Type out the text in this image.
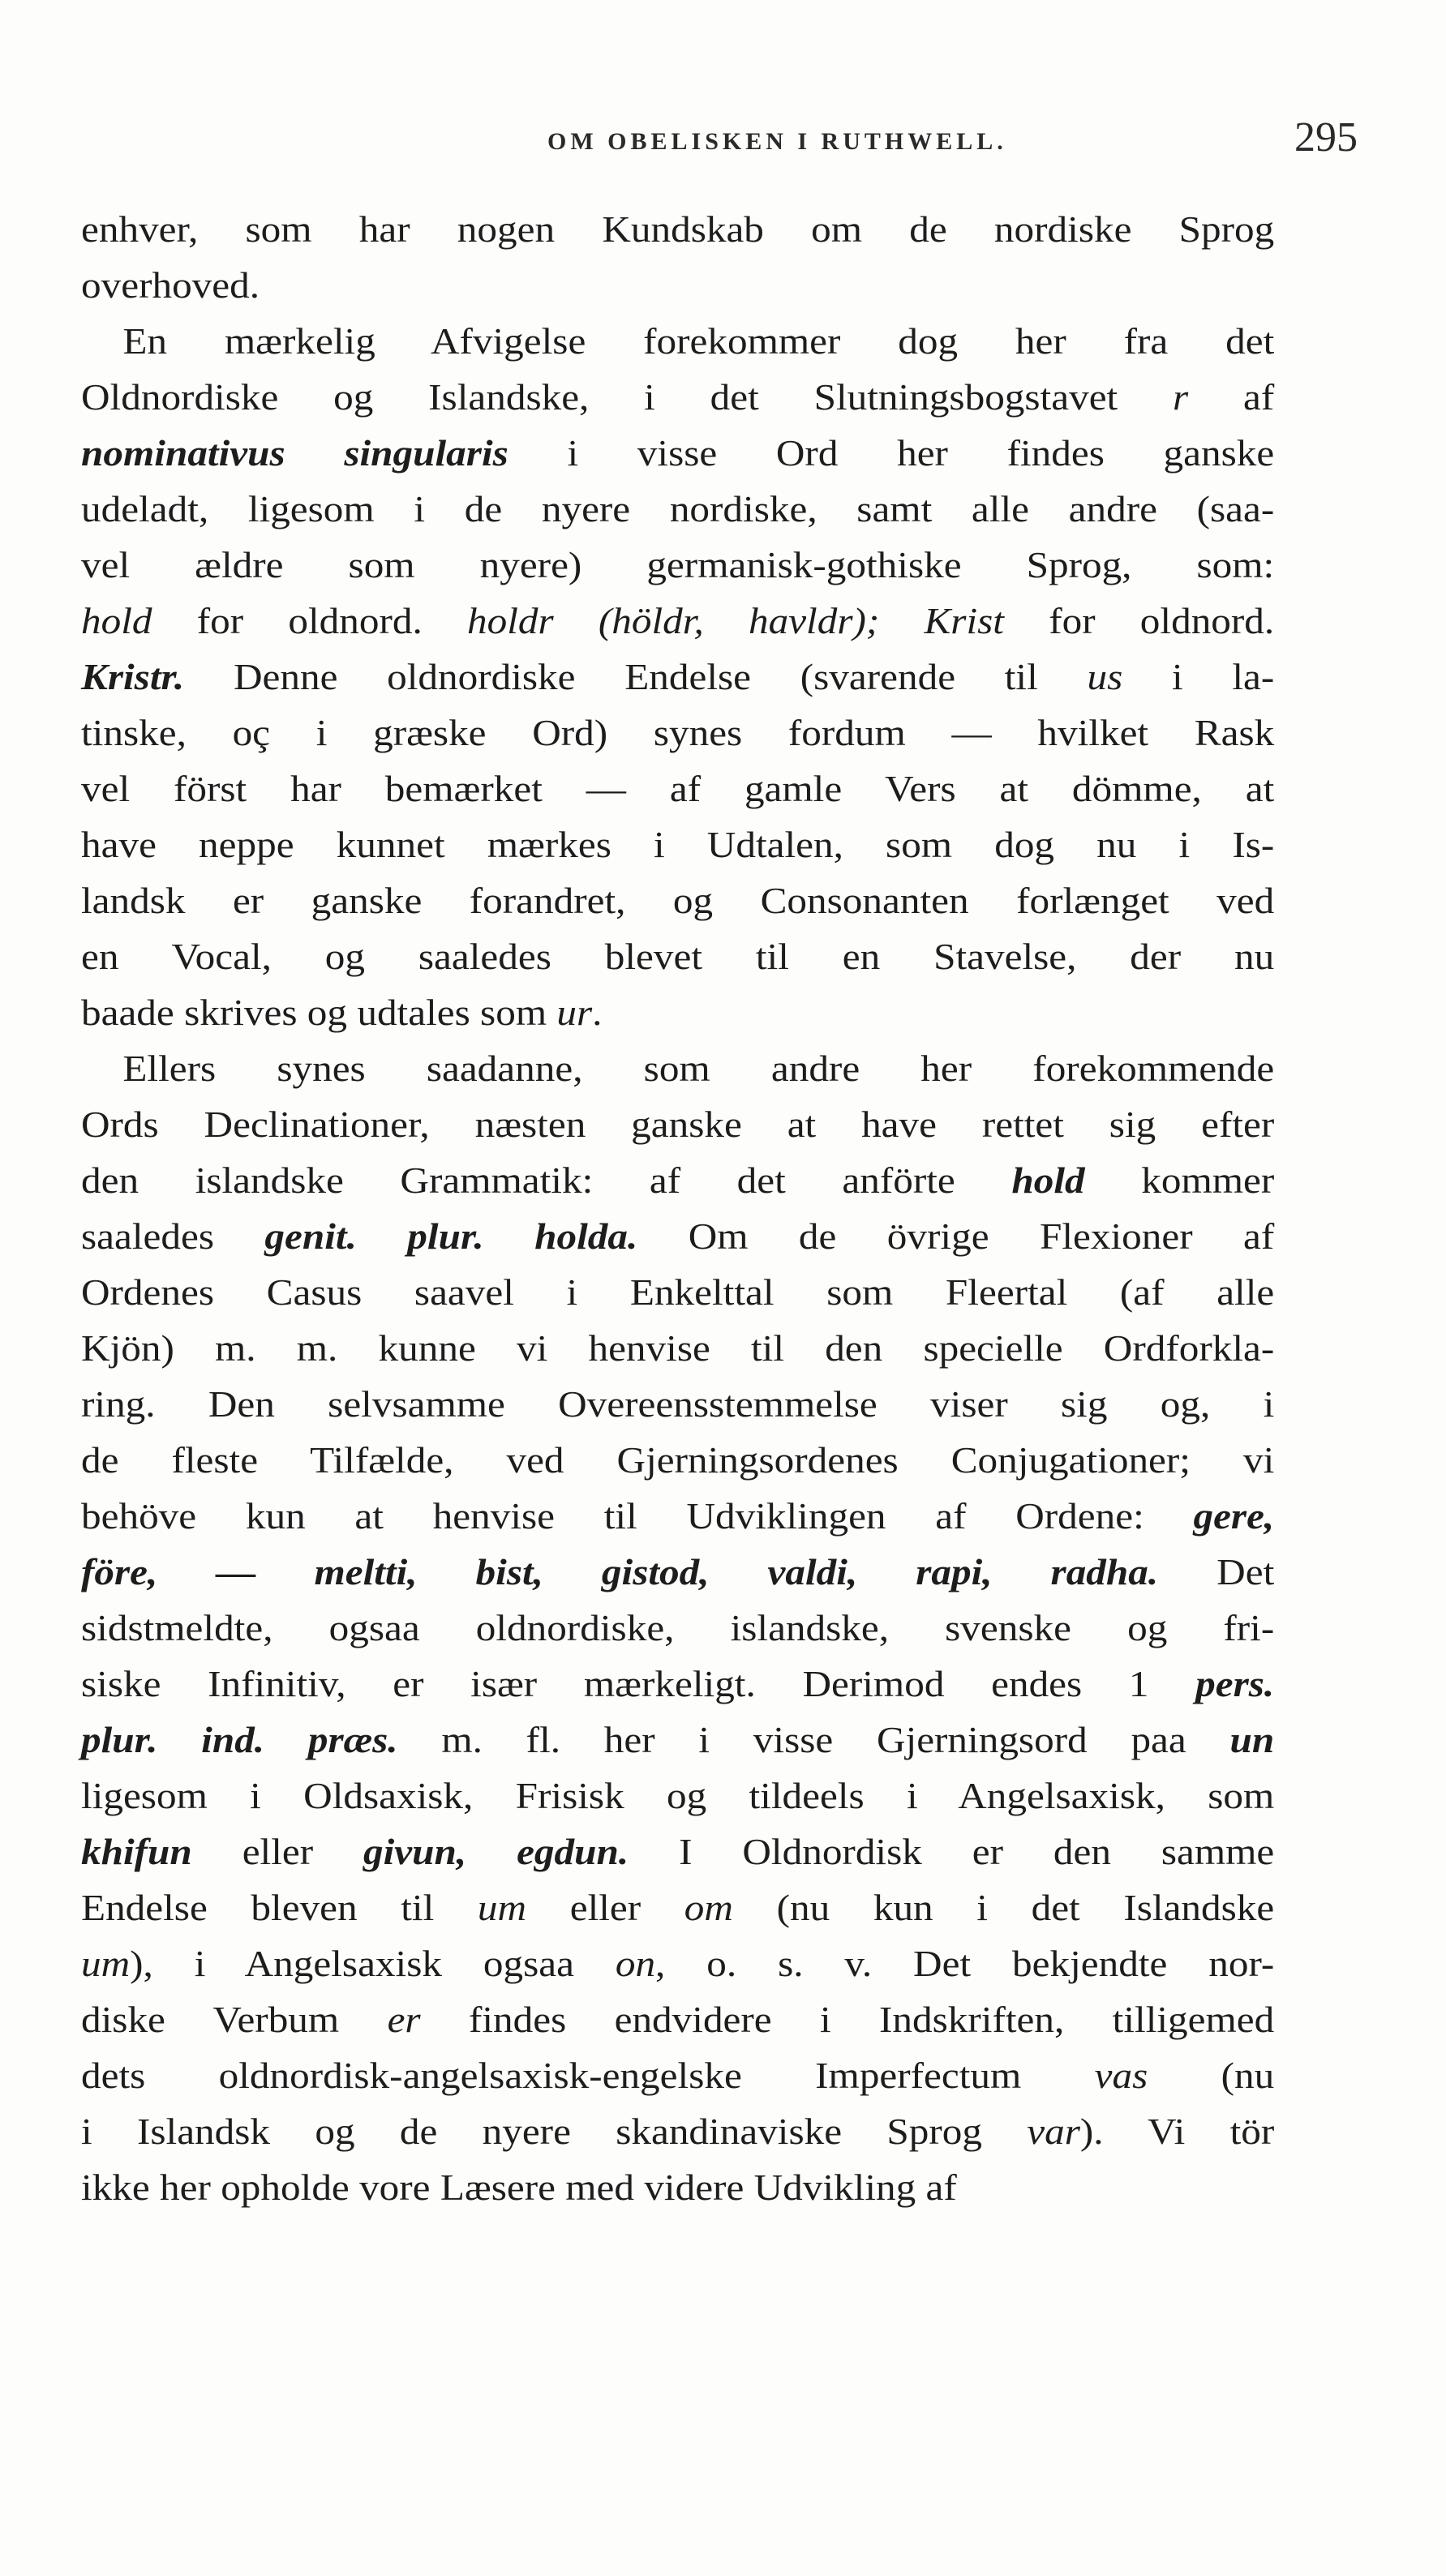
OM OBELISKEN I RUTHWELL.	295
enhver, som har nogen Kundskab om de nordiske Sprog
overhoved.
En mærkelig Afvigelse forekommer dog her fra det
Oldnordiske og Islandske, i det Slutningsbogstavet r af
nominativus singularis i visse Ord her findes ganske
udeladt, ligesom i de nyere nordiske, samt alle andre (saa-
vel ældre som nyere) germanisk-gothiske Sprog, som:
hold for oldnord. holdr (höldr, havldr); Krist for oldnord.
Kristr. Denne oldnordiske Endelse (svarende til us i la-
tinske, oç i græske Ord) synes fordum — hvilket Rask
vel först har bemærket — af gamle Vers at dömme, at
have neppe kunnet mærkes i Udtalen, som dog nu i Is-
landsk er ganske forandret, og Consonanten forlænget ved
en Vocal, og saaledes blevet til en Stavelse, der nu
baade skrives og udtales som ur.
Ellers synes saadanne, som andre her forekommende
Ords Declinationer, næsten ganske at have rettet sig efter
den islandske Grammatik: af det anförte hold kommer
saaledes genit. plur. holda. Om de övrige Flexioner af
Ordenes Casus saavel i Enkelttal som Fleertal (af alle
Kjön) m. m. kunne vi henvise til den specielle Ordforkla-
ring. Den selvsamme Overeensstemmelse viser sig og, i
de fleste Tilfælde, ved Gjerningsordenes Conjugationer; vi
behöve kun at henvise til Udviklingen af Ordene: gere,
före, — meltti, bist, gistod, valdi, rapi, radha. Det
sidstmeldte, ogsaa oldnordiske, islandske, svenske og fri-
siske Infinitiv, er især mærkeligt. Derimod endes 1 pers.
plur. ind. præs. m. fl. her i visse Gjerningsord paa un
ligesom i Oldsaxisk, Frisisk og tildeels i Angelsaxisk, som
khifun eller givun, egdun. I Oldnordisk er den samme
Endelse bleven til um eller om (nu kun i det Islandske
um), i Angelsaxisk ogsaa on, o. s. v. Det bekjendte nor-
diske Verbum er findes endvidere i Indskriften, tilligemed
dets oldnordisk-angelsaxisk-engelske Imperfectum vas (nu
i Islandsk og de nyere skandinaviske Sprog var). Vi tör
ikke her opholde vore Læsere med videre Udvikling af
